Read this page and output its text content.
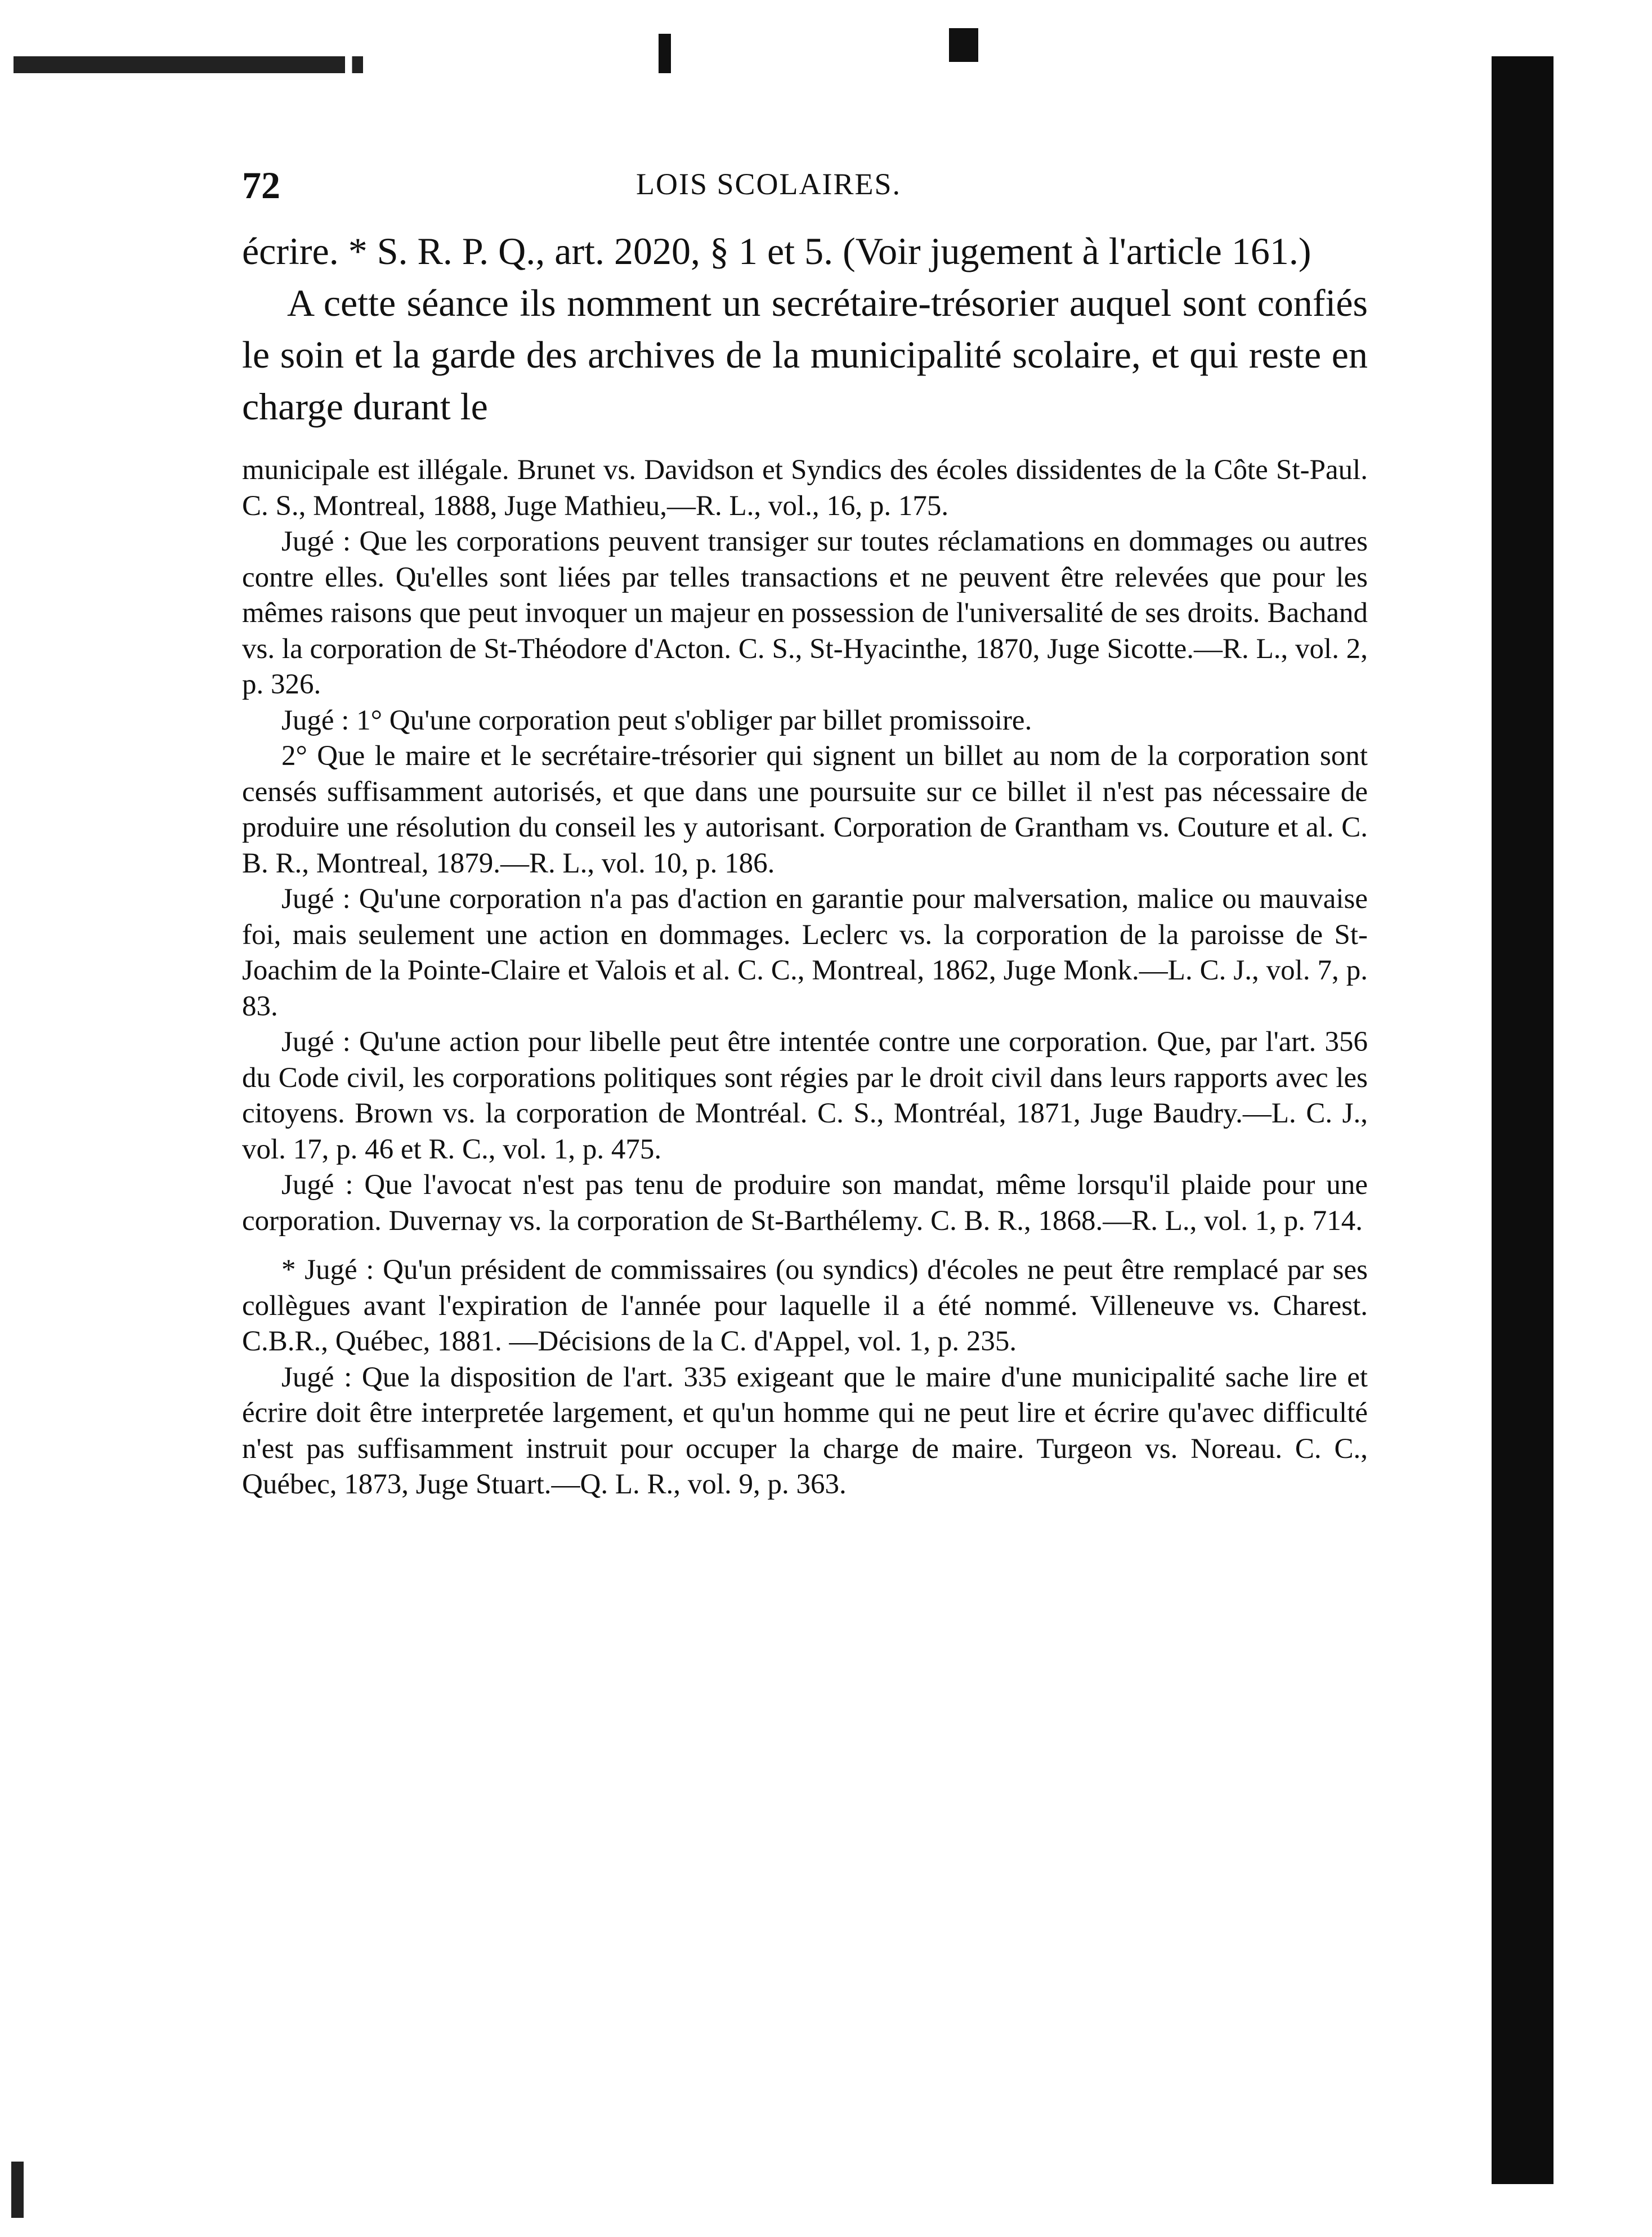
72	LOIS SCOLAIRES.

écrire. * S. R. P. Q., art. 2020, § 1 et 5. (Voir jugement à l'article 161.)

A cette séance ils nomment un secrétaire-trésorier auquel sont confiés le soin et la garde des archives de la municipalité scolaire, et qui reste en charge durant le

municipale est illégale. Brunet vs. Davidson et Syndics des écoles dissidentes de la Côte St-Paul. C. S., Montreal, 1888, Juge Mathieu,—R. L., vol., 16, p. 175.

Jugé : Que les corporations peuvent transiger sur toutes réclamations en dommages ou autres contre elles. Qu'elles sont liées par telles transactions et ne peuvent être relevées que pour les mêmes raisons que peut invoquer un majeur en possession de l'universalité de ses droits. Bachand vs. la corporation de St-Théodore d'Acton. C. S., St-Hyacinthe, 1870, Juge Sicotte.—R. L., vol. 2, p. 326.

Jugé : 1° Qu'une corporation peut s'obliger par billet promissoire.

2° Que le maire et le secrétaire-trésorier qui signent un billet au nom de la corporation sont censés suffisamment autorisés, et que dans une poursuite sur ce billet il n'est pas nécessaire de produire une résolution du conseil les y autorisant. Corporation de Grantham vs. Couture et al. C. B. R., Montreal, 1879.—R. L., vol. 10, p. 186.

Jugé : Qu'une corporation n'a pas d'action en garantie pour malversation, malice ou mauvaise foi, mais seulement une action en dommages. Leclerc vs. la corporation de la paroisse de St-Joachim de la Pointe-Claire et Valois et al. C. C., Montreal, 1862, Juge Monk.—L. C. J., vol. 7, p. 83.

Jugé : Qu'une action pour libelle peut être intentée contre une corporation. Que, par l'art. 356 du Code civil, les corporations politiques sont régies par le droit civil dans leurs rapports avec les citoyens. Brown vs. la corporation de Montréal. C. S., Montréal, 1871, Juge Baudry.—L. C. J., vol. 17, p. 46 et R. C., vol. 1, p. 475.

Jugé : Que l'avocat n'est pas tenu de produire son mandat, même lorsqu'il plaide pour une corporation. Duvernay vs. la corporation de St-Barthélemy. C. B. R., 1868.—R. L., vol. 1, p. 714.

* Jugé : Qu'un président de commissaires (ou syndics) d'écoles ne peut être remplacé par ses collègues avant l'expiration de l'année pour laquelle il a été nommé. Villeneuve vs. Charest. C.B.R., Québec, 1881. —Décisions de la C. d'Appel, vol. 1, p. 235.

Jugé : Que la disposition de l'art. 335 exigeant que le maire d'une municipalité sache lire et écrire doit être interpretée largement, et qu'un homme qui ne peut lire et écrire qu'avec difficulté n'est pas suffisamment instruit pour occuper la charge de maire. Turgeon vs. Noreau. C. C., Québec, 1873, Juge Stuart.—Q. L. R., vol. 9, p. 363.
